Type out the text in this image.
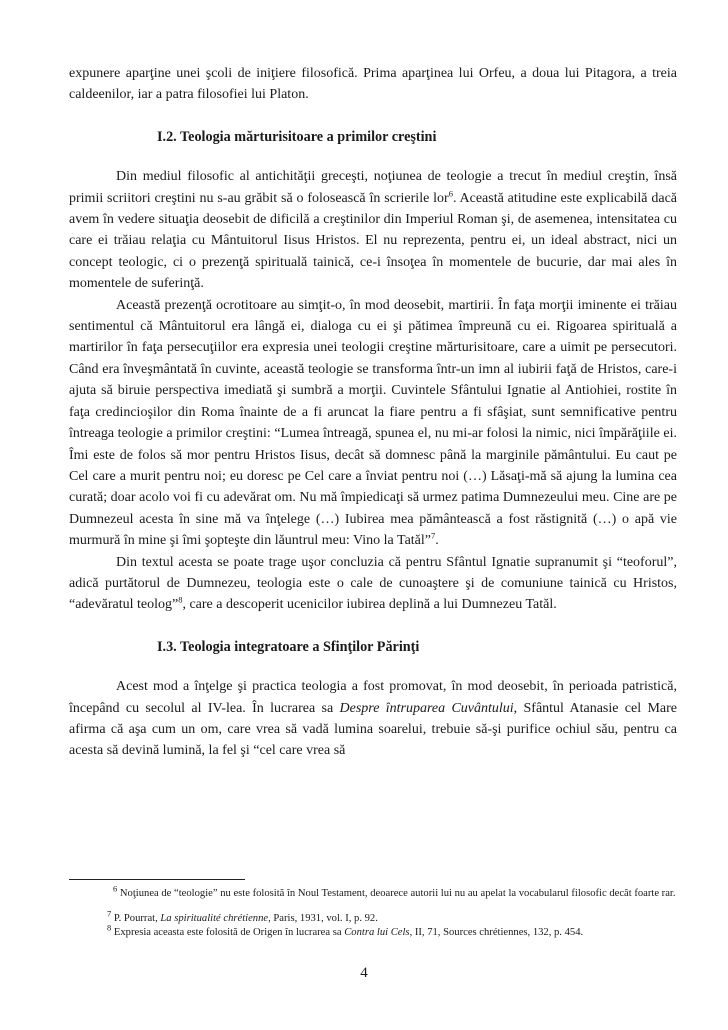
expunere aparţine unei şcoli de iniţiere filosofică. Prima aparţinea lui Orfeu, a doua lui Pitagora, a treia caldeenilor, iar a patra filosofiei lui Platon.

I.2. Teologia mărturisitoare a primilor creştini

Din mediul filosofic al antichităţii greceşti, noţiunea de teologie a trecut în mediul creştin, însă primii scriitori creştini nu s-au grăbit să o folosească în scrierile lor$^6$. Această atitudine este explicabilă dacă avem în vedere situaţia deosebit de dificilă a creştinilor din Imperiul Roman şi, de asemenea, intensitatea cu care ei trăiau relaţia cu Mântuitorul Iisus Hristos. El nu reprezenta, pentru ei, un ideal abstract, nici un concept teologic, ci o prezenţă spirituală tainică, ce-i însoţea în momentele de bucurie, dar mai ales în momentele de suferinţă.

Această prezenţă ocrotitoare au simţit-o, în mod deosebit, martirii. În faţa morţii iminente ei trăiau sentimentul că Mântuitorul era lângă ei, dialoga cu ei şi pătimea împreună cu ei. Rigoarea spirituală a martirilor în faţa persecuţiilor era expresia unei teologii creştine mărturisitoare, care a uimit pe persecutori. Când era înveşmântată în cuvinte, această teologie se transforma într-un imn al iubirii faţă de Hristos, care-i ajuta să biruie perspectiva imediată şi sumbră a morţii. Cuvintele Sfântului Ignatie al Antiohiei, rostite în faţa credincioşilor din Roma înainte de a fi aruncat la fiare pentru a fi sfâşiat, sunt semnificative pentru întreaga teologie a primilor creştini: “Lumea întreagă, spunea el, nu mi-ar folosi la nimic, nici împărăţiile ei. Îmi este de folos să mor pentru Hristos Iisus, decât să domnesc până la marginile pământului. Eu caut pe Cel care a murit pentru noi; eu doresc pe Cel care a înviat pentru noi (…) Lăsaţi-mă să ajung la lumina cea curată; doar acolo voi fi cu adevărat om. Nu mă împiedicaţi să urmez patima Dumnezeului meu. Cine are pe Dumnezeul acesta în sine mă va înţelege (…) Iubirea mea pământească a fost răstignită (…) o apă vie murmură în mine şi îmi şopteşte din lăuntrul meu: Vino la Tatăl”$^7$.

Din textul acesta se poate trage uşor concluzia că pentru Sfântul Ignatie supranumit şi “teoforul”, adică purtătorul de Dumnezeu, teologia este o cale de cunoaştere şi de comuniune tainică cu Hristos, “adevăratul teolog”$^8$, care a descoperit ucenicilor iubirea deplină a lui Dumnezeu Tatăl.

I.3. Teologia integratoare a Sfinţilor Părinţi

Acest mod a înţelge şi practica teologia a fost promovat, în mod deosebit, în perioada patristică, începând cu secolul al IV-lea. În lucrarea sa Despre întruparea Cuvântului, Sfântul Atanasie cel Mare afirma că aşa cum un om, care vrea să vadă lumina soarelui, trebuie să-şi purifice ochiul său, pentru ca acesta să devină lumină, la fel şi “cel care vrea să

$^6$ Noţiunea de “teologie” nu este folosită în Noul Testament, deoarece autorii lui nu au apelat la vocabularul filosofic decât foarte rar.

$^7$ P. Pourrat, La spiritualité chrétienne, Paris, 1931, vol. I, p. 92.

$^8$ Expresia aceasta este folosită de Origen în lucrarea sa Contra lui Cels, II, 71, Sources chrétiennes, 132, p. 454.

4
